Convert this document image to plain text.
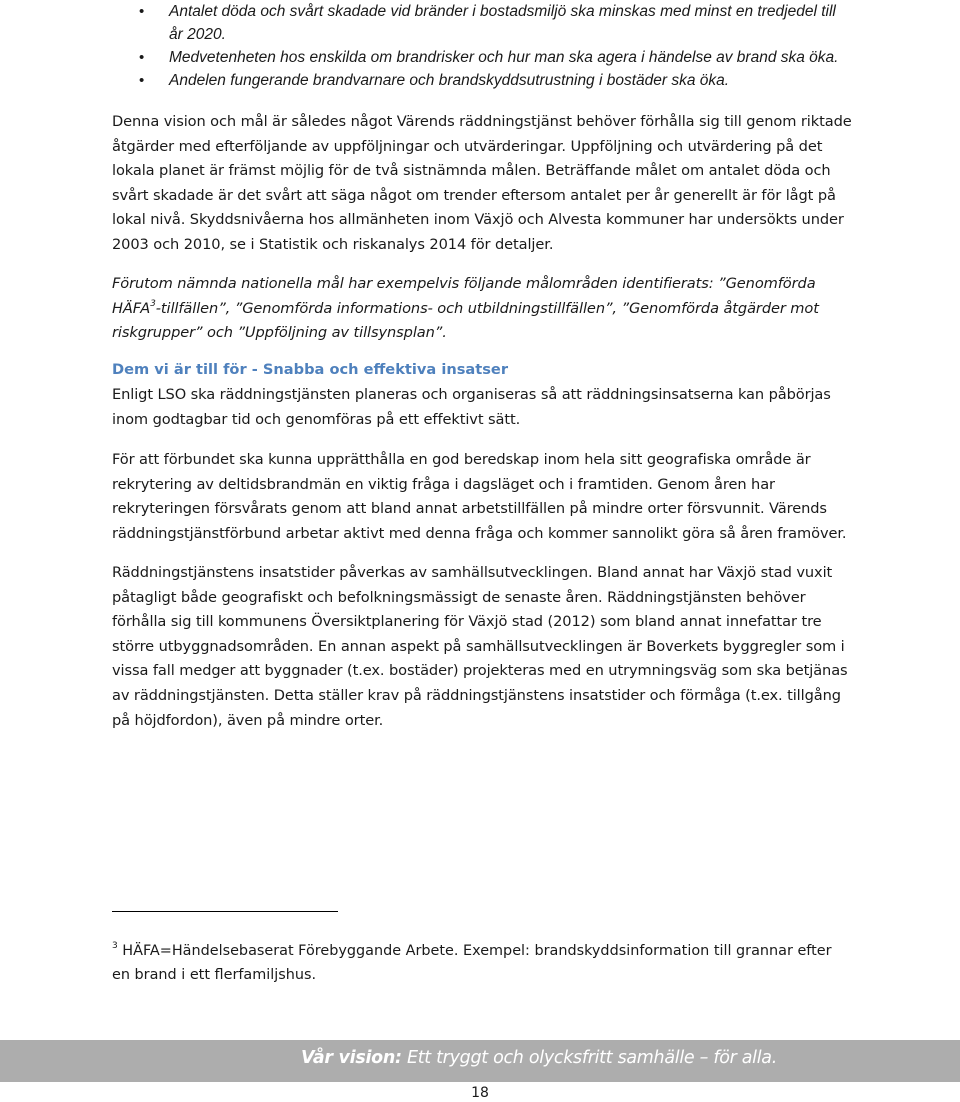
• Antalet döda och svårt skadade vid bränder i bostadsmiljö ska minskas med minst en tredjedel till år 2020.
• Medvetenheten hos enskilda om brandrisker och hur man ska agera i händelse av brand ska öka.
• Andelen fungerande brandvarnare och brandskyddsutrustning i bostäder ska öka.

Denna vision och mål är således något Värends räddningstjänst behöver förhålla sig till genom riktade åtgärder med efterföljande av uppföljningar och utvärderingar. Uppföljning och utvärdering på det lokala planet är främst möjlig för de två sistnämnda målen. Beträffande målet om antalet döda och svårt skadade är det svårt att säga något om trender eftersom antalet per år generellt är för lågt på lokal nivå. Skyddsnivåerna hos allmänheten inom Växjö och Alvesta kommuner har undersökts under 2003 och 2010, se i Statistik och riskanalys 2014 för detaljer.

Förutom nämnda nationella mål har exempelvis följande målområden identifierats: ”Genomförda HÄFA$^3$-tillfällen”, ”Genomförda informations- och utbildningstillfällen”, ”Genomförda åtgärder mot riskgrupper” och ”Uppföljning av tillsynsplan”.

Dem vi är till för - Snabba och effektiva insatser

Enligt LSO ska räddningstjänsten planeras och organiseras så att räddningsinsatserna kan påbörjas inom godtagbar tid och genomföras på ett effektivt sätt.

För att förbundet ska kunna upprätthålla en god beredskap inom hela sitt geografiska område är rekrytering av deltidsbrandmän en viktig fråga i dagsläget och i framtiden. Genom åren har rekryteringen försvårats genom att bland annat arbetstillfällen på mindre orter försvunnit. Värends räddningstjänstförbund arbetar aktivt med denna fråga och kommer sannolikt göra så åren framöver.

Räddningstjänstens insatstider påverkas av samhällsutvecklingen. Bland annat har Växjö stad vuxit påtagligt både geografiskt och befolkningsmässigt de senaste åren. Räddningstjänsten behöver förhålla sig till kommunens Översiktplanering för Växjö stad (2012) som bland annat innefattar tre större utbyggnadsområden. En annan aspekt på samhällsutvecklingen är Boverkets byggregler som i vissa fall medger att byggnader (t.ex. bostäder) projekteras med en utrymningsväg som ska betjänas av räddningstjänsten. Detta ställer krav på räddningstjänstens insatstider och förmåga (t.ex. tillgång på höjdfordon), även på mindre orter.

$^3$ HÄFA=Händelsebaserat Förebyggande Arbete. Exempel: brandskyddsinformation till grannar efter en brand i ett flerfamiljshus.

Vår vision: Ett tryggt och olycksfritt samhälle – för alla.
18
